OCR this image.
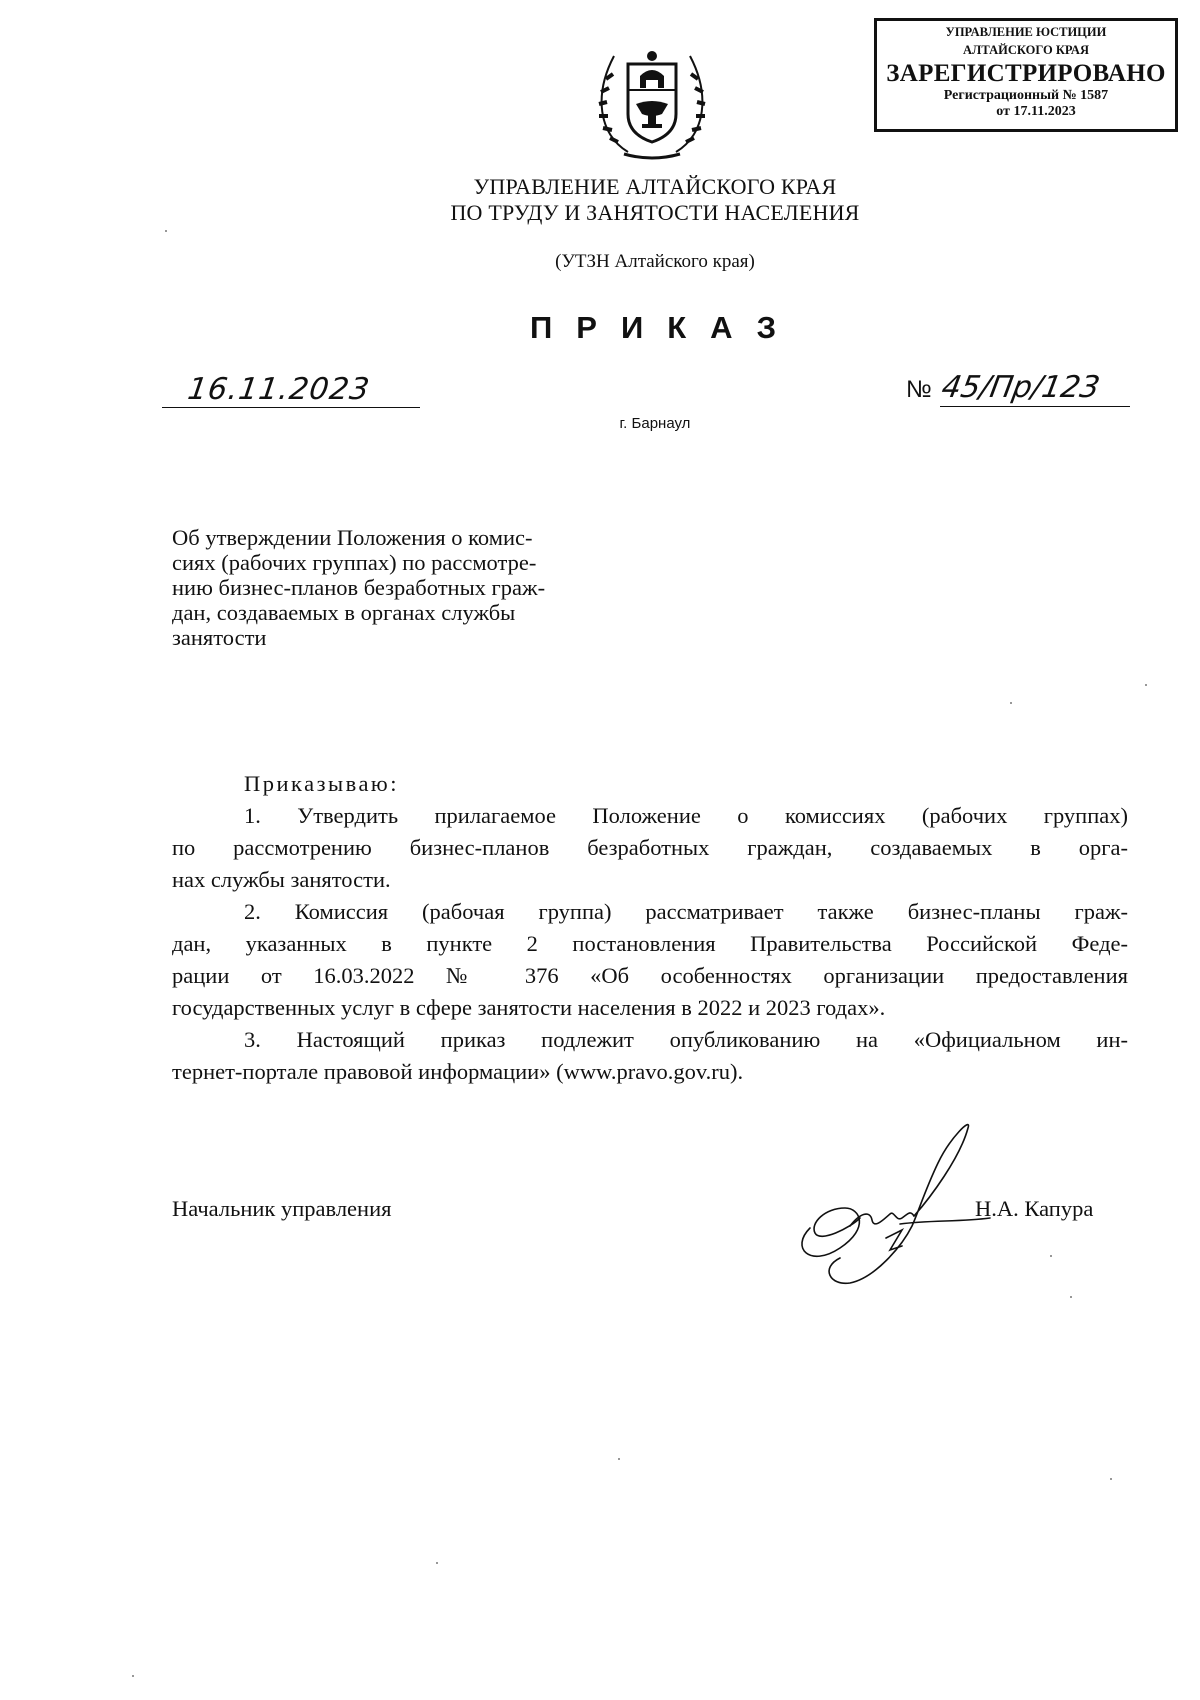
УПРАВЛЕНИЕ ЮСТИЦИИ
АЛТАЙСКОГО КРАЯ
ЗАРЕГИСТРИРОВАНО
Регистрационный № 1587
от 17.11.2023
УПРАВЛЕНИЕ АЛТАЙСКОГО КРАЯ
ПО ТРУДУ И ЗАНЯТОСТИ НАСЕЛЕНИЯ
(УТЗН Алтайского края)
ПРИКАЗ
16.11.2023	№ 45/Пр/123
г. Барнаул
Об утверждении Положения о комис-
сиях (рабочих группах) по рассмотре-
нию бизнес-планов безработных граж-
дан, создаваемых в органах службы
занятости
Приказываю:
1. Утвердить прилагаемое Положение о комиссиях (рабочих группах)
по рассмотрению бизнес-планов безработных граждан, создаваемых в орга-
нах службы занятости.
2. Комиссия (рабочая группа) рассматривает также бизнес-планы граж-
дан, указанных в пункте 2 постановления Правительства Российской Феде-
рации от 16.03.2022 № 376 «Об особенностях организации предоставления
государственных услуг в сфере занятости населения в 2022 и 2023 годах».
3. Настоящий приказ подлежит опубликованию на «Официальном ин-
тернет-портале правовой информации» (www.pravo.gov.ru).
Начальник управления	Н.А. Капура
